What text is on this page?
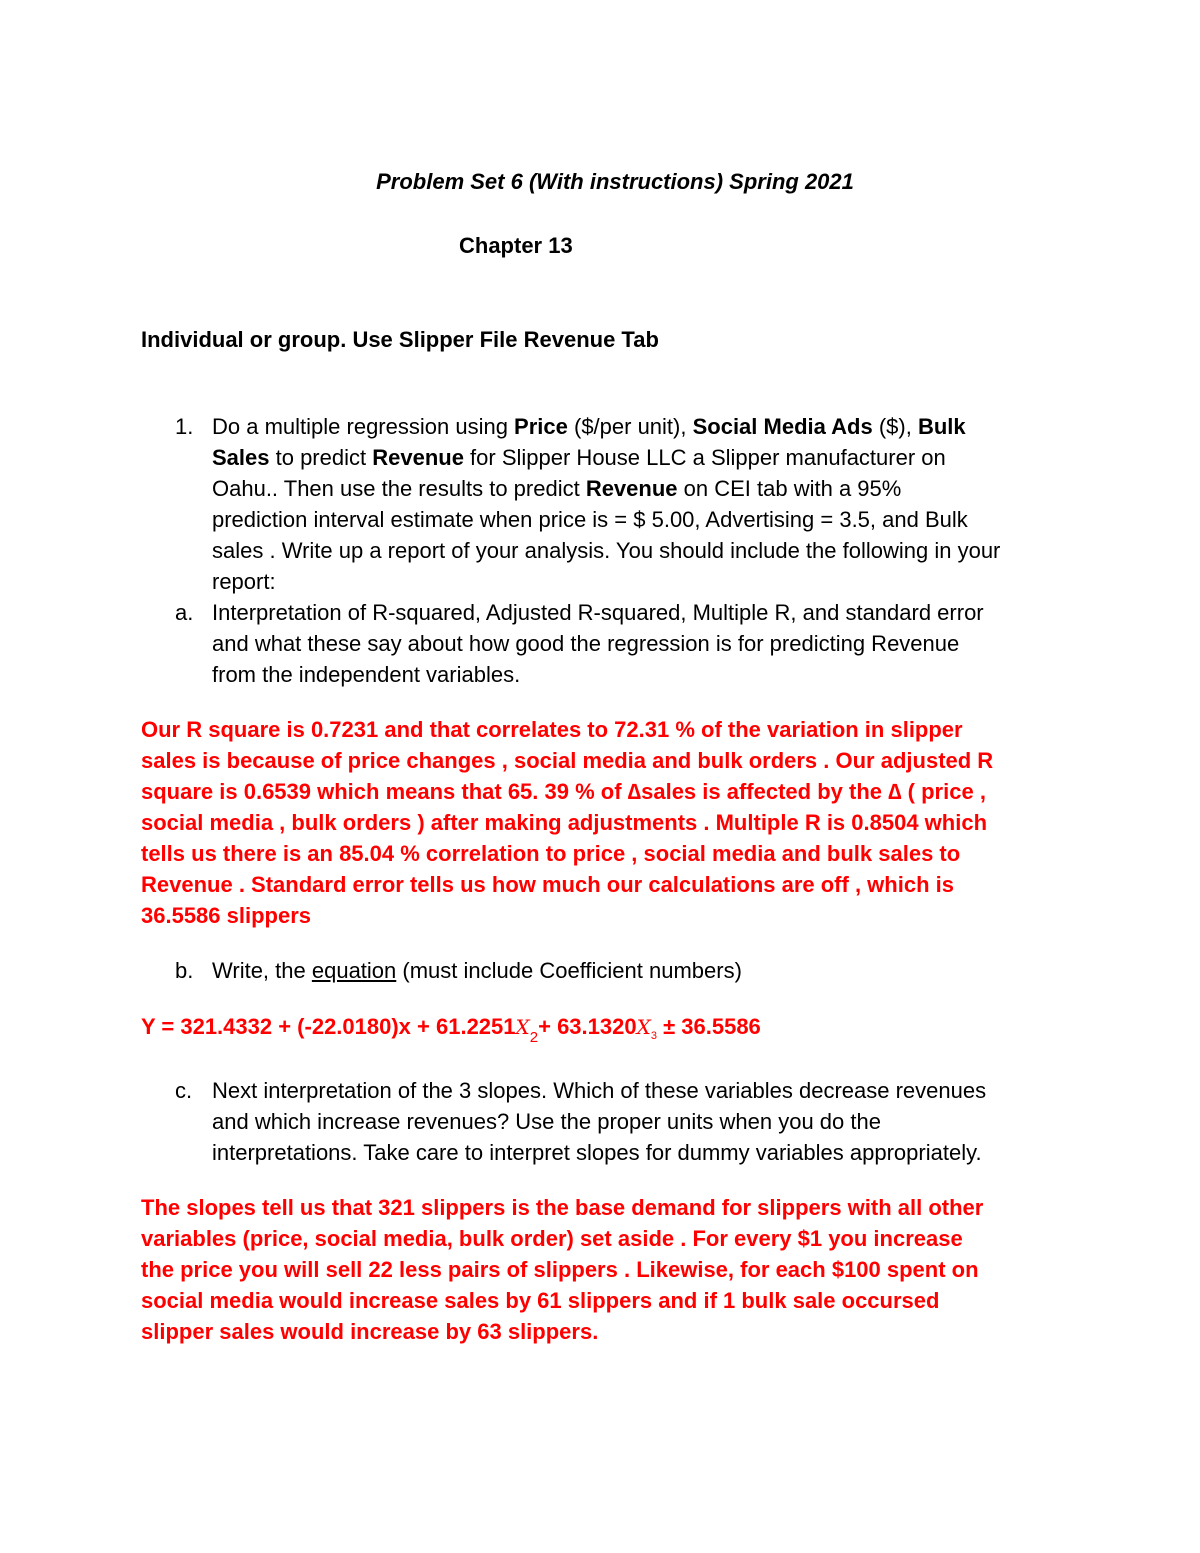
Problem Set 6 (With instructions) Spring 2021
Chapter 13
Individual or group. Use Slipper File Revenue Tab
1. Do a multiple regression using Price ($/per unit), Social Media Ads ($), Bulk
Sales to predict Revenue for Slipper House LLC a Slipper manufacturer on
Oahu.. Then use the results to predict Revenue on CEI tab with a 95%
prediction interval estimate when price is = $ 5.00, Advertising = 3.5, and Bulk
sales . Write up a report of your analysis. You should include the following in your
report:
a. Interpretation of R-squared, Adjusted R-squared, Multiple R, and standard error
and what these say about how good the regression is for predicting Revenue
from the independent variables.
Our R square is 0.7231 and that correlates to 72.31 % of the variation in slipper
sales is because of price changes , social media and bulk orders . Our adjusted R
square is 0.6539 which means that 65. 39 % of ∆sales is affected by the ∆ ( price ,
social media , bulk orders ) after making adjustments . Multiple R is 0.8504 which
tells us there is an 85.04 % correlation to price , social media and bulk sales to
Revenue . Standard error tells us how much our calculations are off , which is
36.5586 slippers
b. Write, the equation (must include Coefficient numbers)
$Y = 321.4332 + (-22.0180)x + 61.2251X_2+ 63.1320X_3 \pm 36.5586$
c. Next interpretation of the 3 slopes. Which of these variables decrease revenues
and which increase revenues? Use the proper units when you do the
interpretations. Take care to interpret slopes for dummy variables appropriately.
The slopes tell us that 321 slippers is the base demand for slippers with all other
variables (price, social media, bulk order) set aside . For every $1 you increase
the price you will sell 22 less pairs of slippers . Likewise, for each $100 spent on
social media would increase sales by 61 slippers and if 1 bulk sale occursed
slipper sales would increase by 63 slippers.
